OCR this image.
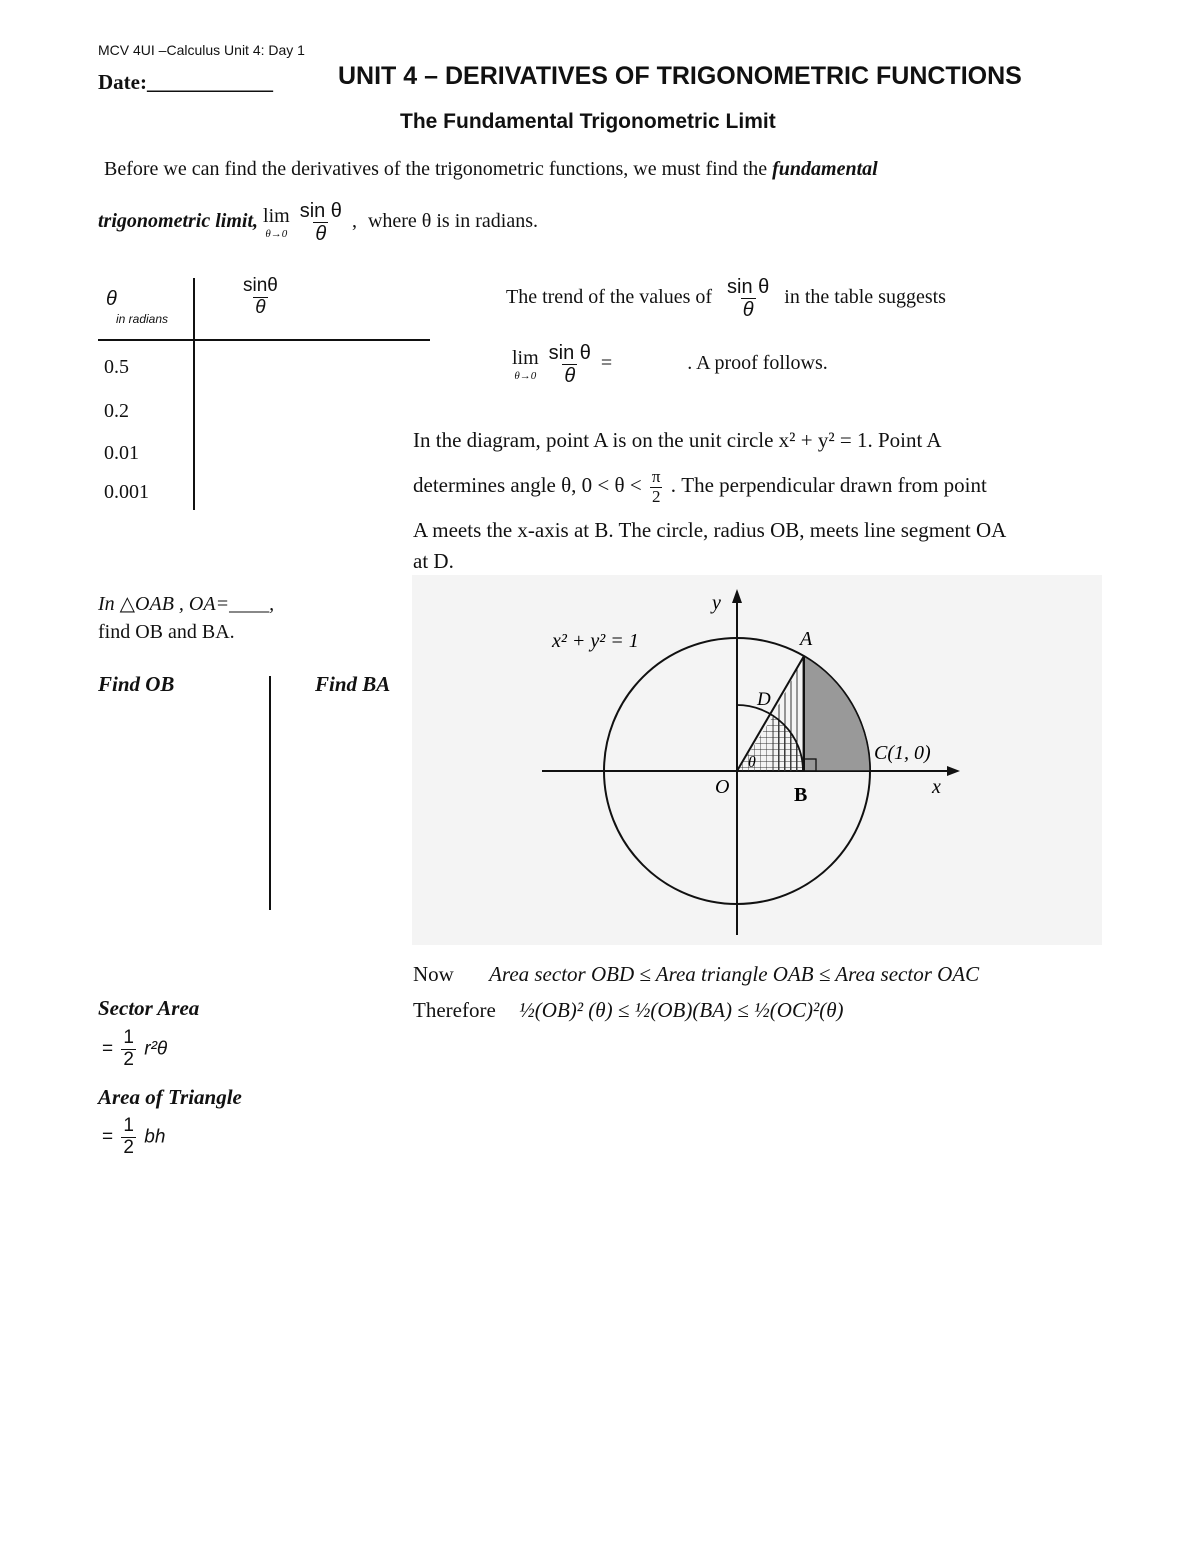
MCV 4UI –Calculus Unit 4: Day 1
Date:____________	UNIT 4 – DERIVATIVES OF TRIGONOMETRIC FUNCTIONS
The Fundamental Trigonometric Limit
Before we can find the derivatives of the trigonometric functions, we must find the fundamental
trigonometric limit, lim
θ→0
$\frac{\text{sin θ}}{\theta}$ , where θ is in radians.
θ
in radians
$\frac{\sin\theta}{\theta}$
0.5
0.2
0.01
0.001
The trend of the values of $\frac{\text{sin θ}}{\theta}$ in the table suggests
lim
θ→0
$\frac{\text{sin θ}}{\theta}$ =	. A proof follows.
In the diagram, point A is on the unit circle x² + y² = 1. Point A
determines angle θ, $0 < \theta < \frac{\pi}{2}$ . The perpendicular drawn from point
A meets the x-axis at B. The circle, radius OB, meets line segment OA
at D.
x² + y² = 1
y
x
A
D
O	B
C(1, 0)
θ
In △OAB , OA=____,
find OB and BA.
Find OB	Find BA
Sector Area
= $\frac{1}{2} r^2\theta$
Area of Triangle
= $\frac{1}{2}$ bh
Now Area sector OBD ≤ Area triangle OAB ≤ Area sector OAC
Therefore ½(OB)² (θ) ≤ ½(OB)(BA) ≤ ½(OC)²(θ)
